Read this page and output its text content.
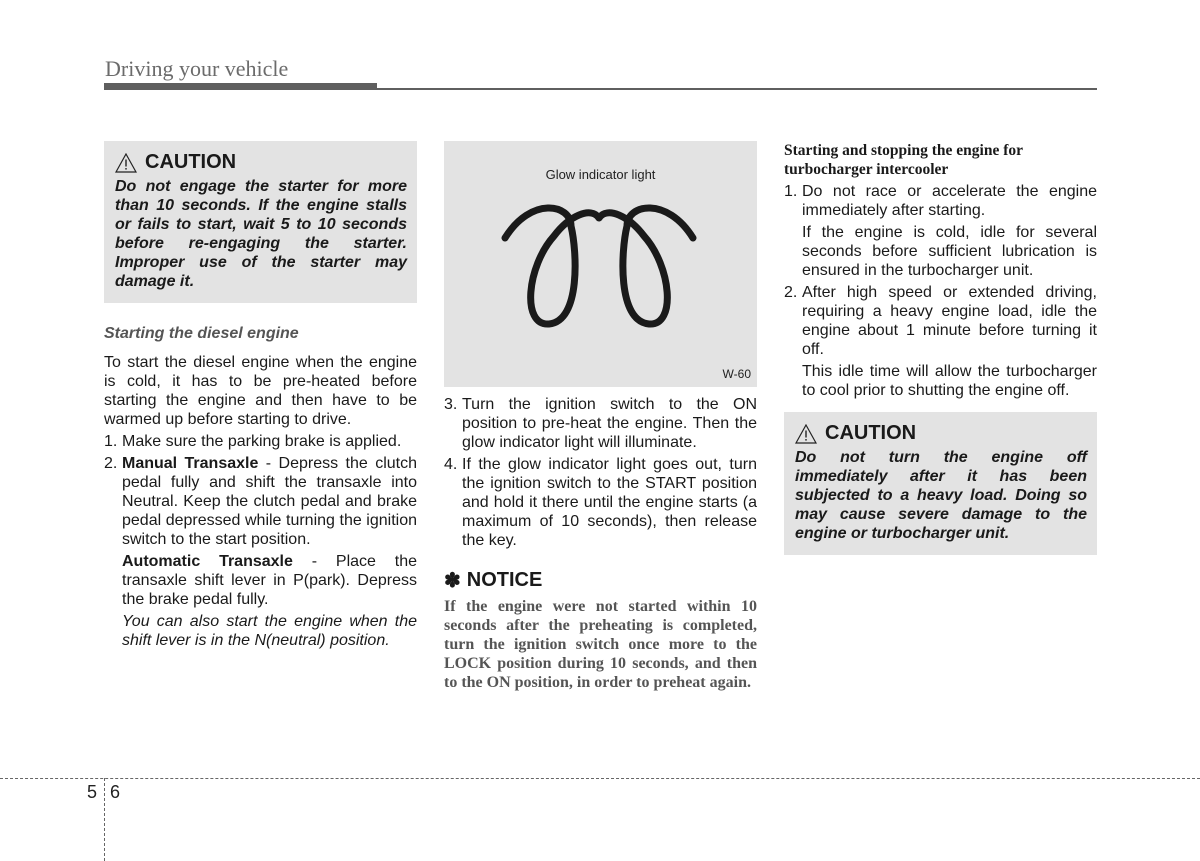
Driving your vehicle
CAUTION
Do not engage the starter for more than 10 seconds. If the engine stalls or fails to start, wait 5 to 10 seconds before re-engaging the starter. Improper use of the starter may damage it.
Starting the diesel engine

To start the diesel engine when the engine is cold, it has to be pre-heated before starting the engine and then have to be warmed up before starting to drive.

1. Make sure the parking brake is applied.
2. Manual Transaxle - Depress the clutch pedal fully and shift the transaxle into Neutral. Keep the clutch pedal and brake pedal depressed while turning the ignition switch to the start position.
Automatic Transaxle - Place the transaxle shift lever in P(park). Depress the brake pedal fully.
You can also start the engine when the shift lever is in the N(neutral) position.
Glow indicator light
W-60
3. Turn the ignition switch to the ON position to pre-heat the engine. Then the glow indicator light will illuminate.
4. If the glow indicator light goes out, turn the ignition switch to the START position and hold it there until the engine starts (a maximum of 10 seconds), then release the key.
✽ NOTICE
If the engine were not started within 10 seconds after the preheating is completed, turn the ignition switch once more to the LOCK position during 10 seconds, and then to the ON position, in order to preheat again.
Starting and stopping the engine for turbocharger intercooler
1. Do not race or accelerate the engine immediately after starting.
If the engine is cold, idle for several seconds before sufficient lubrication is ensured in the turbocharger unit.
2. After high speed or extended driving, requiring a heavy engine load, idle the engine about 1 minute before turning it off.
This idle time will allow the turbocharger to cool prior to shutting the engine off.
CAUTION
Do not turn the engine off immediately after it has been subjected to a heavy load. Doing so may cause severe damage to the engine or turbocharger unit.
5 6
